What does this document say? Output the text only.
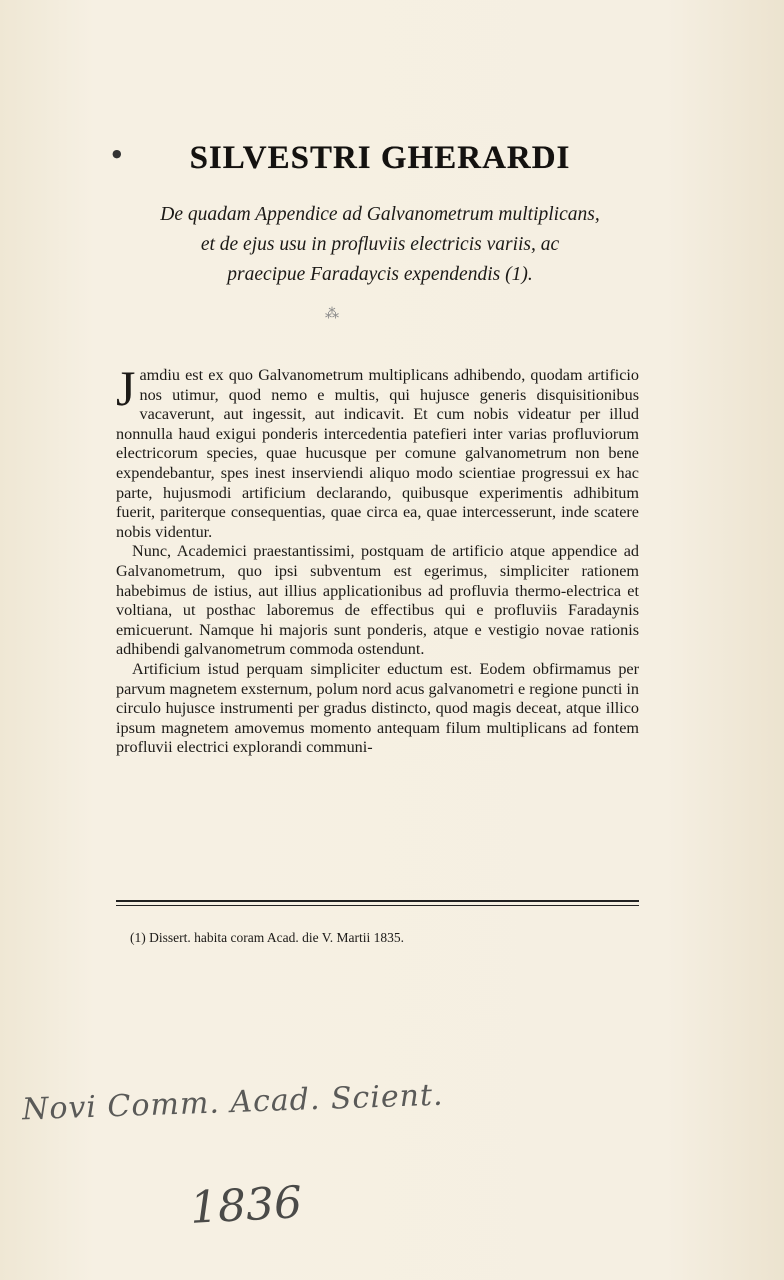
●	SILVESTRI GHERARDI
De quadam Appendice ad Galvanometrum multiplicans,
et de ejus usu in profluviis electricis variis, ac
praecipue Faradaycis expendendis (1).
⁂

Jamdiu est ex quo Galvanometrum multiplicans adhibendo, quodam artificio nos utimur, quod nemo e multis, qui hujusce generis disquisitionibus vacaverunt, aut ingessit, aut indicavit. Et cum nobis videatur per illud nonnulla haud exigui ponderis intercedentia patefieri inter varias profluviorum electricorum species, quae hucusque per comune galvanometrum non bene expendebantur, spes inest inserviendi aliquo modo scientiae progressui ex hac parte, hujusmodi artificium declarando, quibusque experimentis adhibitum fuerit, pariterque consequentias, quae circa ea, quae intercesserunt, inde scatere nobis videntur.

Nunc, Academici praestantissimi, postquam de artificio atque appendice ad Galvanometrum, quo ipsi subventum est egerimus, simpliciter rationem habebimus de istius, aut illius applicationibus ad profluvia thermo-electrica et voltiana, ut posthac laboremus de effectibus qui e profluviis Faradaynis emicuerunt. Namque hi majoris sunt ponderis, atque e vestigio novae rationis adhibendi galvanometrum commoda ostendunt.

Artificium istud perquam simpliciter eductum est. Eodem obfirmamus per parvum magnetem exsternum, polum nord acus galvanometri e regione puncti in circulo hujusce instrumenti per gradus distincto, quod magis deceat, atque illico ipsum magnetem amovemus momento antequam filum multiplicans ad fontem profluvii electrici explorandi communi-

(1) Dissert. habita coram Acad. die V. Martii 1835.
Novi Comm. Acad. Scient.
1836
